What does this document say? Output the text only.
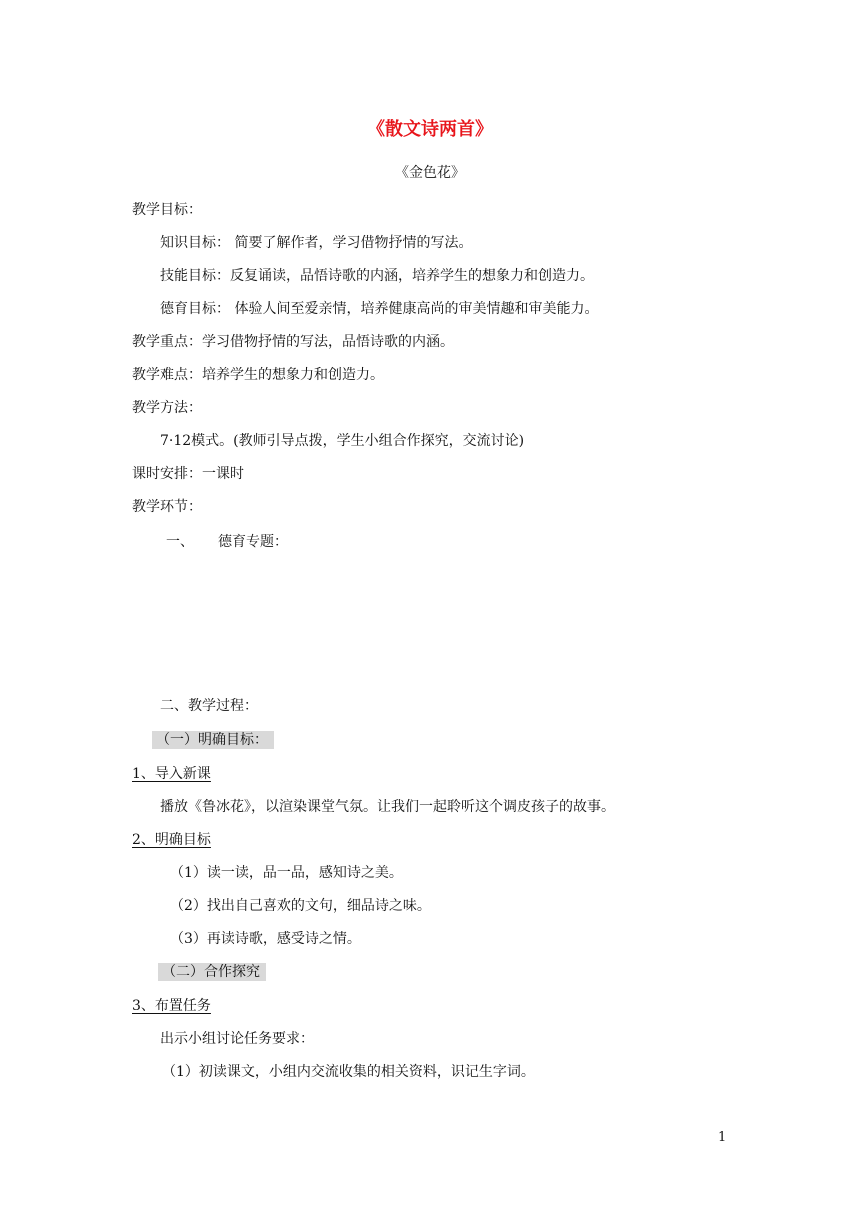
《散文诗两首》
《金色花》
教学目标：
知识目标： 简要了解作者，学习借物抒情的写法。
技能目标：反复诵读，品悟诗歌的内涵，培养学生的想象力和创造力。
德育目标： 体验人间至爱亲情，培养健康高尚的审美情趣和审美能力。
教学重点：学习借物抒情的写法，品悟诗歌的内涵。
教学难点：培养学生的想象力和创造力。
教学方法：
7·12模式。(教师引导点拨，学生小组合作探究，交流讨论)
课时安排：一课时
教学环节：
一、 德育专题：
二、教学过程：
（一）明确目标：
1、导入新课
播放《鲁冰花》，以渲染课堂气氛。让我们一起聆听这个调皮孩子的故事。
2、明确目标
（1）读一读，品一品，感知诗之美。
（2）找出自己喜欢的文句，细品诗之味。
（3）再读诗歌，感受诗之情。
（二）合作探究
3、布置任务
出示小组讨论任务要求：
（1）初读课文，小组内交流收集的相关资料，识记生字词。
1
